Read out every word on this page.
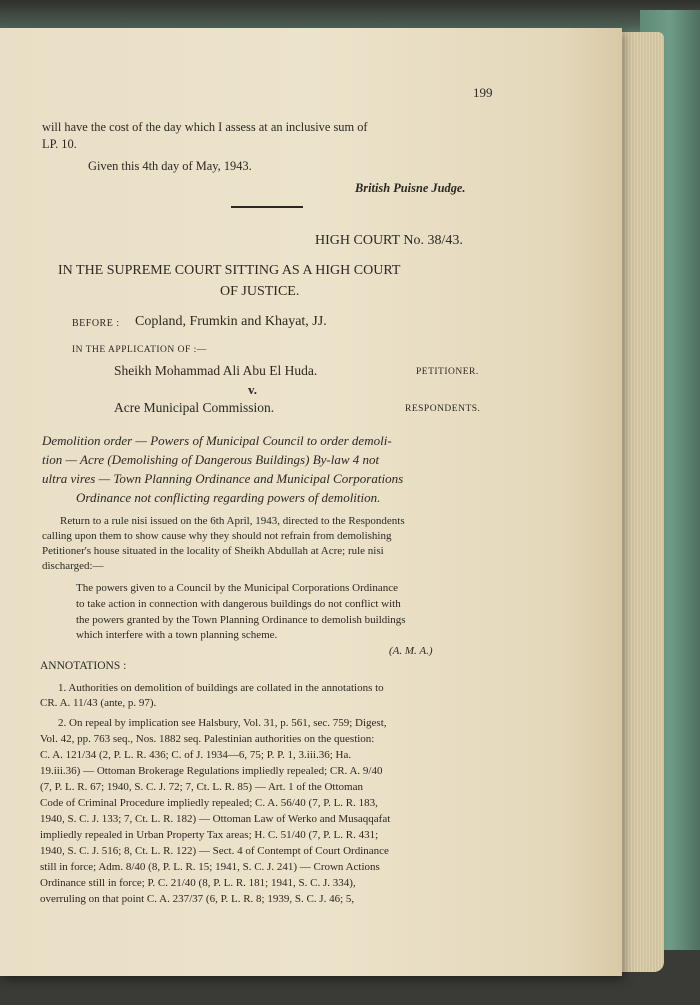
199
will have the cost of the day which I assess at an inclusive sum of
LP. 10.
Given this 4th day of May, 1943.
British Puisne Judge.
HIGH COURT No. 38/43.
IN THE SUPREME COURT SITTING AS A HIGH COURT
OF JUSTICE.
BEFORE : Copland, Frumkin and Khayat, JJ.
IN THE APPLICATION OF :—
Sheikh Mohammad Ali Abu El Huda.	PETITIONER.
v.
Acre Municipal Commission.	RESPONDENTS.
Demolition order — Powers of Municipal Council to order demoli-
tion — Acre (Demolishing of Dangerous Buildings) By-law 4 not
ultra vires — Town Planning Ordinance and Municipal Corporations
Ordinance not conflicting regarding powers of demolition.
Return to a rule nisi issued on the 6th April, 1943, directed to the Respondents
calling upon them to show cause why they should not refrain from demolishing
Petitioner's house situated in the locality of Sheikh Abdullah at Acre; rule nisi
discharged:—
The powers given to a Council by the Municipal Corporations Ordinance
to take action in connection with dangerous buildings do not conflict with
the powers granted by the Town Planning Ordinance to demolish buildings
which interfere with a town planning scheme.
(A. M. A.)
ANNOTATIONS :
1. Authorities on demolition of buildings are collated in the annotations to
CR. A. 11/43 (ante, p. 97).
2. On repeal by implication see Halsbury, Vol. 31, p. 561, sec. 759; Digest,
Vol. 42, pp. 763 seq., Nos. 1882 seq. Palestinian authorities on the question:
C. A. 121/34 (2, P. L. R. 436; C. of J. 1934—6, 75; P. P. 1, 3.iii.36; Ha.
19.iii.36) — Ottoman Brokerage Regulations impliedly repealed; CR. A. 9/40
(7, P. L. R. 67; 1940, S. C. J. 72; 7, Ct. L. R. 85) — Art. 1 of the Ottoman
Code of Criminal Procedure impliedly repealed; C. A. 56/40 (7, P. L. R. 183,
1940, S. C. J. 133; 7, Ct. L. R. 182) — Ottoman Law of Werko and Musaqqafat
impliedly repealed in Urban Property Tax areas; H. C. 51/40 (7, P. L. R. 431;
1940, S. C. J. 516; 8, Ct. L. R. 122) — Sect. 4 of Contempt of Court Ordinance
still in force; Adm. 8/40 (8, P. L. R. 15; 1941, S. C. J. 241) — Crown Actions
Ordinance still in force; P. C. 21/40 (8, P. L. R. 181; 1941, S. C. J. 334),
overruling on that point C. A. 237/37 (6, P. L. R. 8; 1939, S. C. J. 46; 5,
